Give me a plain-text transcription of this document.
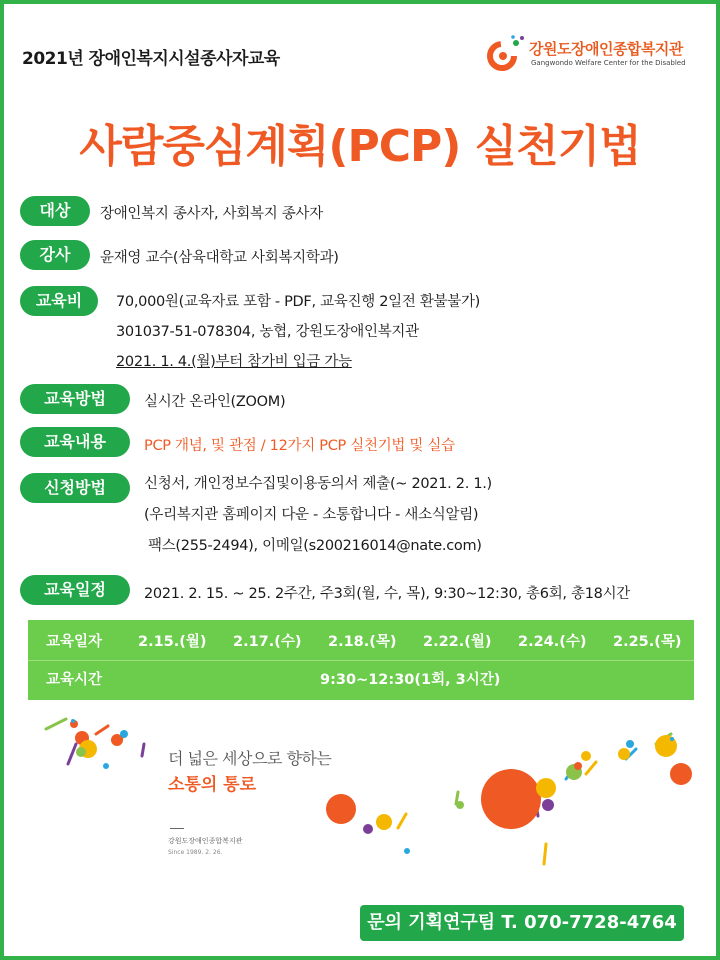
2021년 장애인복지시설종사자교육	강원도장애인종합복지관
Gangwondo Welfare Center for the Disabled
사람중심계획(PCP) 실천기법
대상	장애인복지 종사자, 사회복지 종사자
강사	윤재영 교수(삼육대학교 사회복지학과)
교육비	70,000원(교육자료 포함 - PDF, 교육진행 2일전 환불불가)
301037-51-078304, 농협, 강원도장애인복지관
2021. 1. 4.(월)부터 참가비 입금 가능
교육방법	실시간 온라인(ZOOM)
교육내용	PCP 개념, 및 관점 / 12가지 PCP 실천기법 및 실습
신청방법	신청서, 개인정보수집및이용동의서 제출(~ 2021. 2. 1.)
(우리복지관 홈페이지 다운 - 소통합니다 - 새소식알림)
팩스(255-2494), 이메일(s200216014@nate.com)
교육일정	2021. 2. 15. ~ 25. 2주간, 주3회(월, 수, 목), 9:30~12:30, 총6회, 총18시간
교육일자 2.15.(월) 2.17.(수) 2.18.(목) 2.22.(월) 2.24.(수) 2.25.(목)
교육시간	9:30~12:30(1회, 3시간)
더 넓은 세상으로 향하는
소통의 통로
강원도장애인종합복지관
Since 1989. 2. 26.
문의 기획연구팀 T. 070-7728-4764
